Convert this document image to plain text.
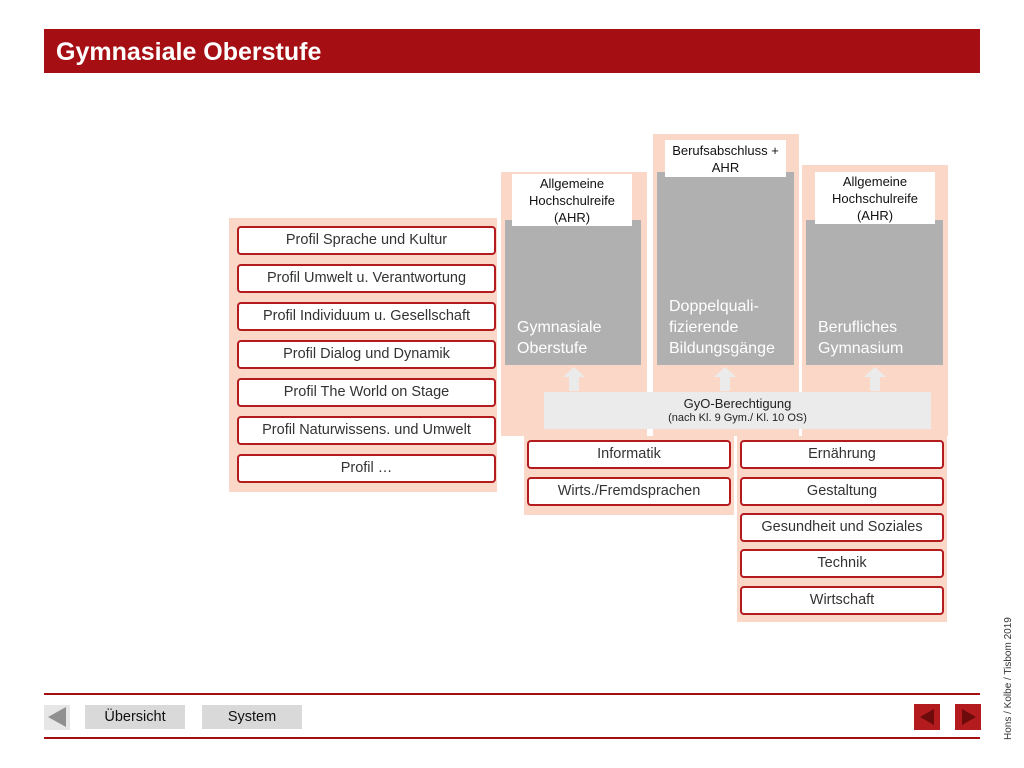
Gymnasiale Oberstufe
Profil Sprache und Kultur
Profil Umwelt u. Verantwortung
Profil Individuum u. Gesellschaft
Profil Dialog und Dynamik
Profil The World on Stage
Profil Naturwissens. und Umwelt
Profil …
Gymnasiale
Oberstufe
Doppelquali-
fizierende
Bildungsgänge
Berufliches
Gymnasium
Allgemeine
Hochschulreife
(AHR)
Berufsabschluss +
AHR
Allgemeine
Hochschulreife
(AHR)
GyO-Berechtigung
(nach Kl. 9 Gym./ Kl. 10 OS)
Informatik
Wirts./Fremdsprachen
Ernährung
Gestaltung
Gesundheit und Soziales
Technik
Wirtschaft
Hons / Kolbe / Tisbom 2019
Übersicht	System
